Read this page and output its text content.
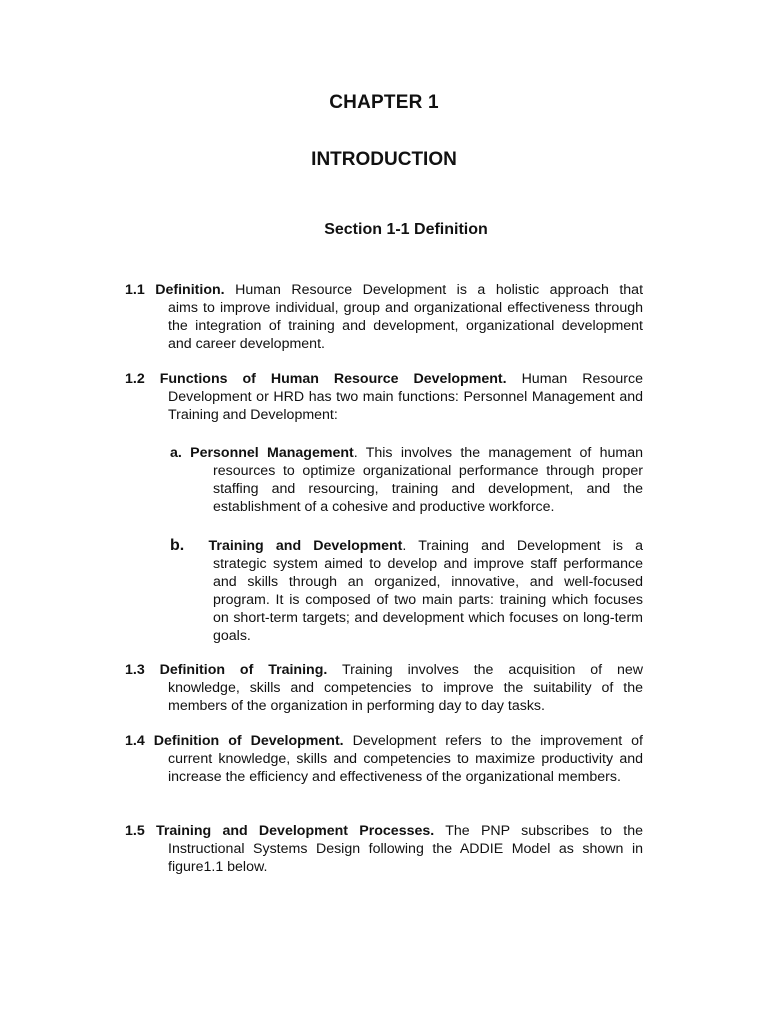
CHAPTER 1
INTRODUCTION
Section 1-1 Definition
1.1 Definition. Human Resource Development is a holistic approach that
aims to improve individual, group and organizational effectiveness through the integration of training and development, organizational development and career development.
1.2 Functions of Human Resource Development. Human Resource
Development or HRD has two main functions: Personnel Management and Training and Development:
a. Personnel Management. This involves the management of human
resources to optimize organizational performance through proper staffing and resourcing, training and development, and the establishment of a cohesive and productive workforce.
b. Training and Development. Training and Development is a
strategic system aimed to develop and improve staff performance and skills through an organized, innovative, and well-focused program. It is composed of two main parts: training which focuses on short-term targets; and development which focuses on long-term goals.
1.3 Definition of Training. Training involves the acquisition of new
knowledge, skills and competencies to improve the suitability of the members of the organization in performing day to day tasks.
1.4 Definition of Development. Development refers to the improvement of
current knowledge, skills and competencies to maximize productivity and increase the efficiency and effectiveness of the organizational members.
1.5 Training and Development Processes. The PNP subscribes to the
Instructional Systems Design following the ADDIE Model as shown in figure1.1 below.
